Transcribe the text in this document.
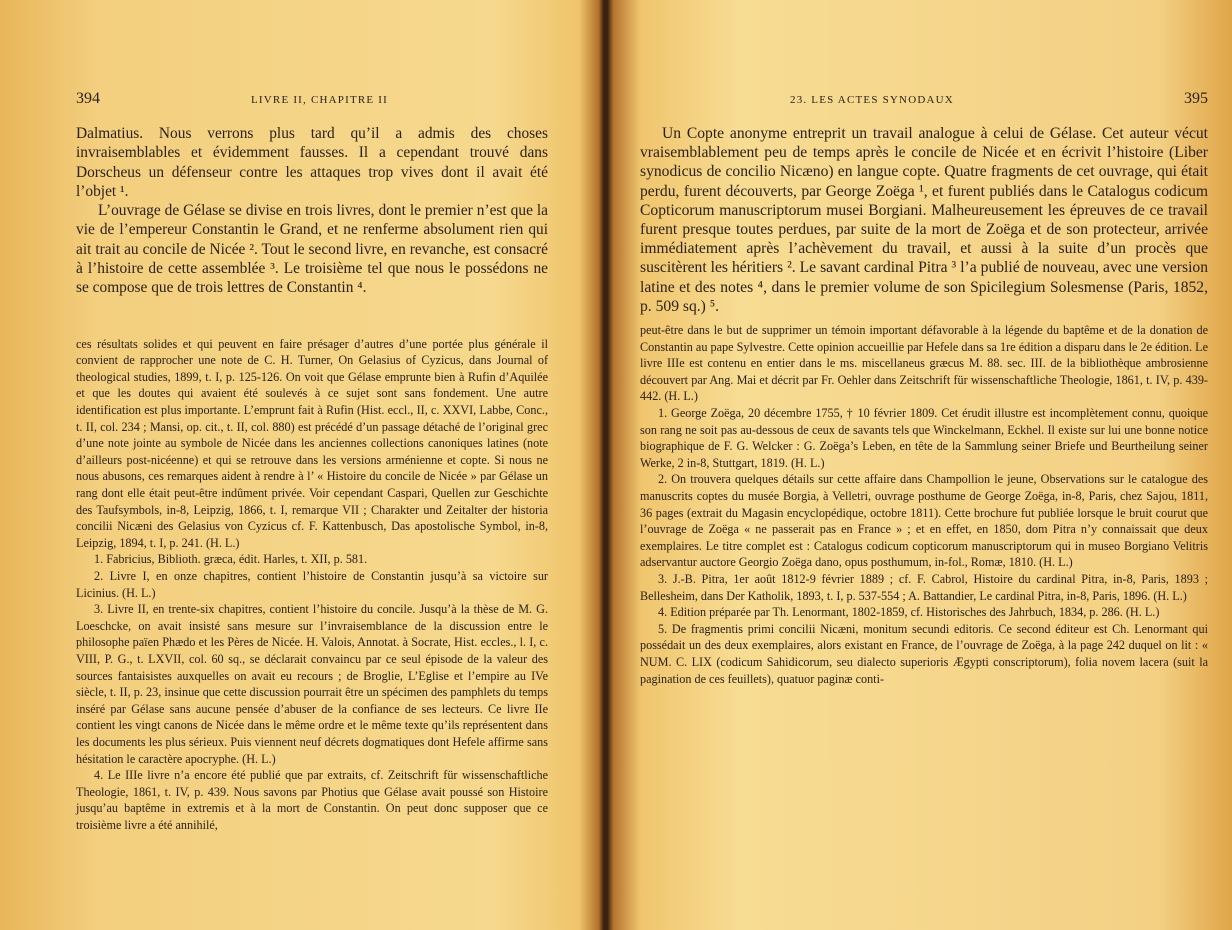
394	LIVRE II, CHAPITRE II

Dalmatius. Nous verrons plus tard qu’il a admis des choses invraisemblables et évidemment fausses. Il a cependant trouvé dans Dorscheus un défenseur contre les attaques trop vives dont il avait été l’objet ¹.

L’ouvrage de Gélase se divise en trois livres, dont le premier n’est que la vie de l’empereur Constantin le Grand, et ne renferme absolument rien qui ait trait au concile de Nicée ². Tout le second livre, en revanche, est consacré à l’histoire de cette assemblée ³. Le troisième tel que nous le possédons ne se compose que de trois lettres de Constantin ⁴.

ces résultats solides et qui peuvent en faire présager d’autres d’une portée plus générale il convient de rapprocher une note de C. H. Turner, On Gelasius of Cyzicus, dans Journal of theological studies, 1899, t. I, p. 125-126. On voit que Gélase emprunte bien à Rufin d’Aquilée et que les doutes qui avaient été soulevés à ce sujet sont sans fondement. Une autre identification est plus importante. L’emprunt fait à Rufin (Hist. eccl., II, c. XXVI, Labbe, Conc., t. II, col. 234 ; Mansi, op. cit., t. II, col. 880) est précédé d’un passage détaché de l’original grec d’une note jointe au symbole de Nicée dans les anciennes collections canoniques latines (note d’ailleurs post-nicéenne) et qui se retrouve dans les versions arménienne et copte. Si nous ne nous abusons, ces remarques aident à rendre à l’ « Histoire du concile de Nicée » par Gélase un rang dont elle était peut-être indûment privée. Voir cependant Caspari, Quellen zur Geschichte des Taufsymbols, in-8, Leipzig, 1866, t. I, remarque VII ; Charakter und Zeitalter der historia concilii Nicæni des Gelasius von Cyzicus cf. F. Kattenbusch, Das apostolische Symbol, in-8, Leipzig, 1894, t. I, p. 241. (H. L.)

1. Fabricius, Biblioth. græca, édit. Harles, t. XII, p. 581.

2. Livre I, en onze chapitres, contient l’histoire de Constantin jusqu’à sa victoire sur Licinius. (H. L.)

3. Livre II, en trente-six chapitres, contient l’histoire du concile. Jusqu’à la thèse de M. G. Loeschcke, on avait insisté sans mesure sur l’invraisemblance de la discussion entre le philosophe païen Phædo et les Pères de Nicée. H. Valois, Annotat. à Socrate, Hist. eccles., l. I, c. VIII, P. G., t. LXVII, col. 60 sq., se déclarait convaincu par ce seul épisode de la valeur des sources fantaisistes auxquelles on avait eu recours ; de Broglie, L’Eglise et l’empire au IVe siècle, t. II, p. 23, insinue que cette discussion pourrait être un spécimen des pamphlets du temps inséré par Gélase sans aucune pensée d’abuser de la confiance de ses lecteurs. Ce livre IIe contient les vingt canons de Nicée dans le même ordre et le même texte qu’ils représentent dans les documents les plus sérieux. Puis viennent neuf décrets dogmatiques dont Hefele affirme sans hésitation le caractère apocryphe. (H. L.)

4. Le IIIe livre n’a encore été publié que par extraits, cf. Zeitschrift für wissenschaftliche Theologie, 1861, t. IV, p. 439. Nous savons par Photius que Gélase avait poussé son Histoire jusqu’au baptême in extremis et à la mort de Constantin. On peut donc supposer que ce troisième livre a été annihilé,

23. LES ACTES SYNODAUX	395

Un Copte anonyme entreprit un travail analogue à celui de Gélase. Cet auteur vécut vraisemblablement peu de temps après le concile de Nicée et en écrivit l’histoire (Liber synodicus de concilio Nicæno) en langue copte. Quatre fragments de cet ouvrage, qui était perdu, furent découverts, par George Zoëga ¹, et furent publiés dans le Catalogus codicum Copticorum manuscriptorum musei Borgiani. Malheureusement les épreuves de ce travail furent presque toutes perdues, par suite de la mort de Zoëga et de son protecteur, arrivée immédiatement après l’achèvement du travail, et aussi à la suite d’un procès que suscitèrent les héritiers ². Le savant cardinal Pitra ³ l’a publié de nouveau, avec une version latine et des notes ⁴, dans le premier volume de son Spicilegium Solesmense (Paris, 1852, p. 509 sq.) ⁵.

peut-être dans le but de supprimer un témoin important défavorable à la légende du baptême et de la donation de Constantin au pape Sylvestre. Cette opinion accueillie par Hefele dans sa 1re édition a disparu dans le 2e édition. Le livre IIIe est contenu en entier dans le ms. miscellaneus græcus M. 88. sec. III. de la bibliothèque ambrosienne découvert par Ang. Mai et décrit par Fr. Oehler dans Zeitschrift für wissenschaftliche Theologie, 1861, t. IV, p. 439-442. (H. L.)

1. George Zoëga, 20 décembre 1755, † 10 février 1809. Cet érudit illustre est incomplètement connu, quoique son rang ne soit pas au-dessous de ceux de savants tels que Winckelmann, Eckhel. Il existe sur lui une bonne notice biographique de F. G. Welcker : G. Zoëga’s Leben, en tête de la Sammlung seiner Briefe und Beurtheilung seiner Werke, 2 in-8, Stuttgart, 1819. (H. L.)

2. On trouvera quelques détails sur cette affaire dans Champollion le jeune, Observations sur le catalogue des manuscrits coptes du musée Borgia, à Velletri, ouvrage posthume de George Zoëga, in-8, Paris, chez Sajou, 1811, 36 pages (extrait du Magasin encyclopédique, octobre 1811). Cette brochure fut publiée lorsque le bruit courut que l’ouvrage de Zoëga « ne passerait pas en France » ; et en effet, en 1850, dom Pitra n’y connaissait que deux exemplaires. Le titre complet est : Catalogus codicum copticorum manuscriptorum qui in museo Borgiano Velitris adservantur auctore Georgio Zoëga dano, opus posthumum, in-fol., Romæ, 1810. (H. L.)

3. J.-B. Pitra, 1er août 1812-9 février 1889 ; cf. F. Cabrol, Histoire du cardinal Pitra, in-8, Paris, 1893 ; Bellesheim, dans Der Katholik, 1893, t. I, p. 537-554 ; A. Battandier, Le cardinal Pitra, in-8, Paris, 1896. (H. L.)

4. Edition préparée par Th. Lenormant, 1802-1859, cf. Historisches des Jahrbuch, 1834, p. 286. (H. L.)

5. De fragmentis primi concilii Nicæni, monitum secundi editoris. Ce second éditeur est Ch. Lenormant qui possédait un des deux exemplaires, alors existant en France, de l’ouvrage de Zoëga, à la page 242 duquel on lit : « NUM. C. LIX (codicum Sahidicorum, seu dialecto superioris Ægypti conscriptorum), folia novem lacera (suit la pagination de ces feuillets), quatuor paginæ conti-
